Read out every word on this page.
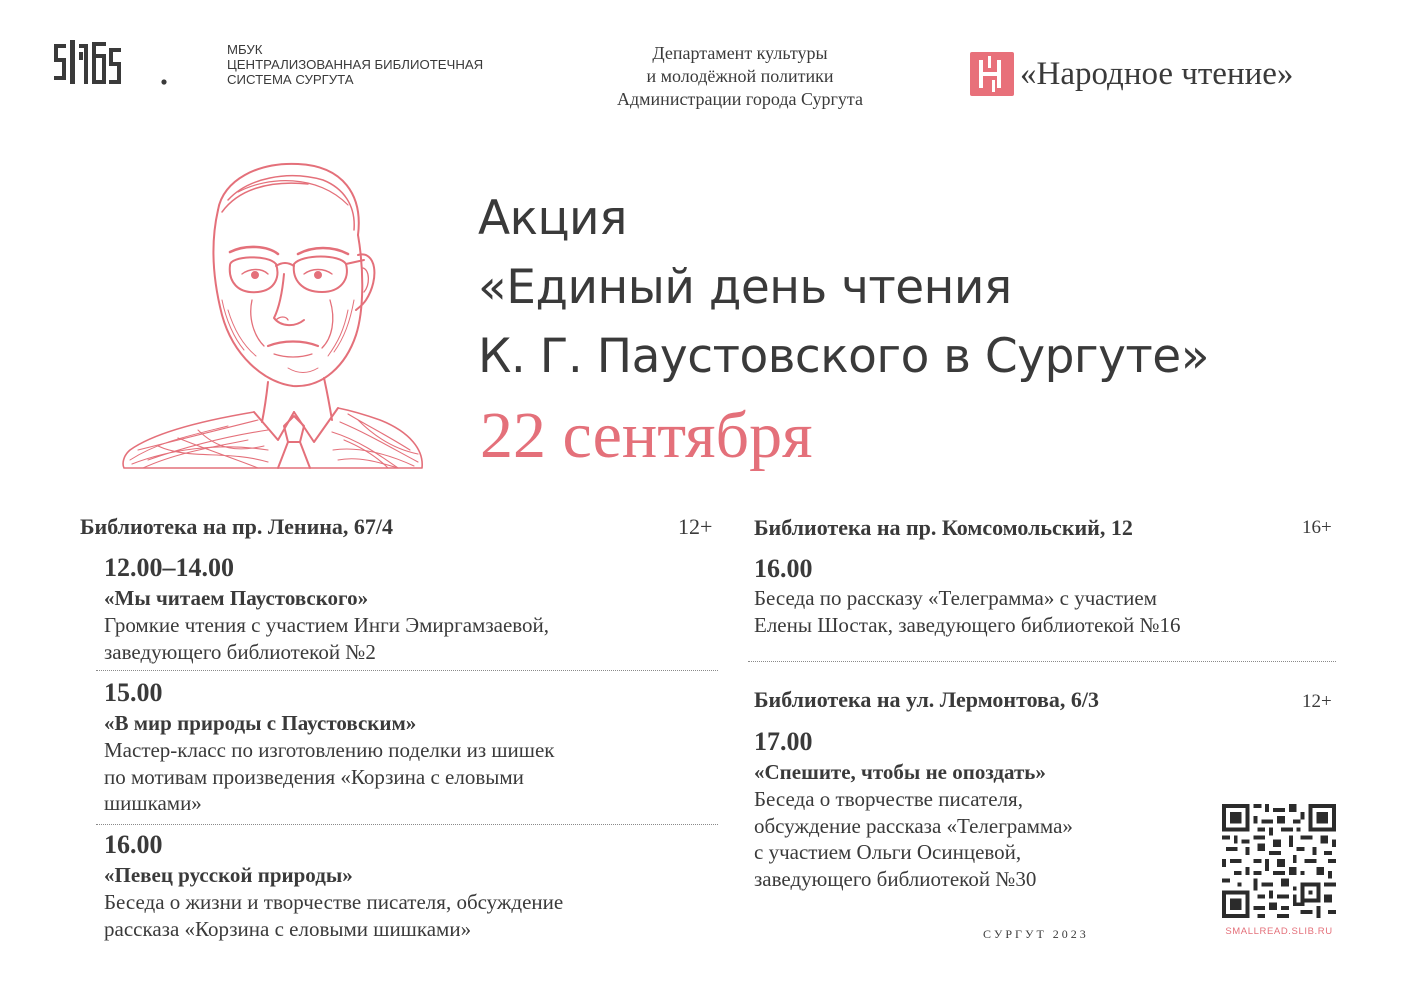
МБУК
ЦЕНТРАЛИЗОВАННАЯ БИБЛИОТЕЧНАЯ
СИСТЕМА СУРГУТА
Департамент культуры
и молодёжной политики
Администрации города Сургута
«Народное чтение»
Акция
«Единый день чтения
К. Г. Паустовского в Сургуте»
22 сентября
Библиотека на пр. Ленина, 67/4	12+
12.00–14.00
«Мы читаем Паустовского»
Громкие чтения с участием Инги Эмиргамзаевой,
заведующего библиотекой №2
15.00
«В мир природы с Паустовским»
Мастер-класс по изготовлению поделки из шишек
по мотивам произведения «Корзина с еловыми
шишками»
16.00
«Певец русской природы»
Беседа о жизни и творчестве писателя, обсуждение
рассказа «Корзина с еловыми шишками»
Библиотека на пр. Комсомольский, 12	16+
16.00
Беседа по рассказу «Телеграмма» с участием
Елены Шостак, заведующего библиотекой №16
Библиотека на ул. Лермонтова, 6/3	12+
17.00
«Спешите, чтобы не опоздать»
Беседа о творчестве писателя,
обсуждение рассказа «Телеграмма»
с участием Ольги Осинцевой,
заведующего библиотекой №30
SMALLREAD.SLIB.RU
СУРГУТ 2023
